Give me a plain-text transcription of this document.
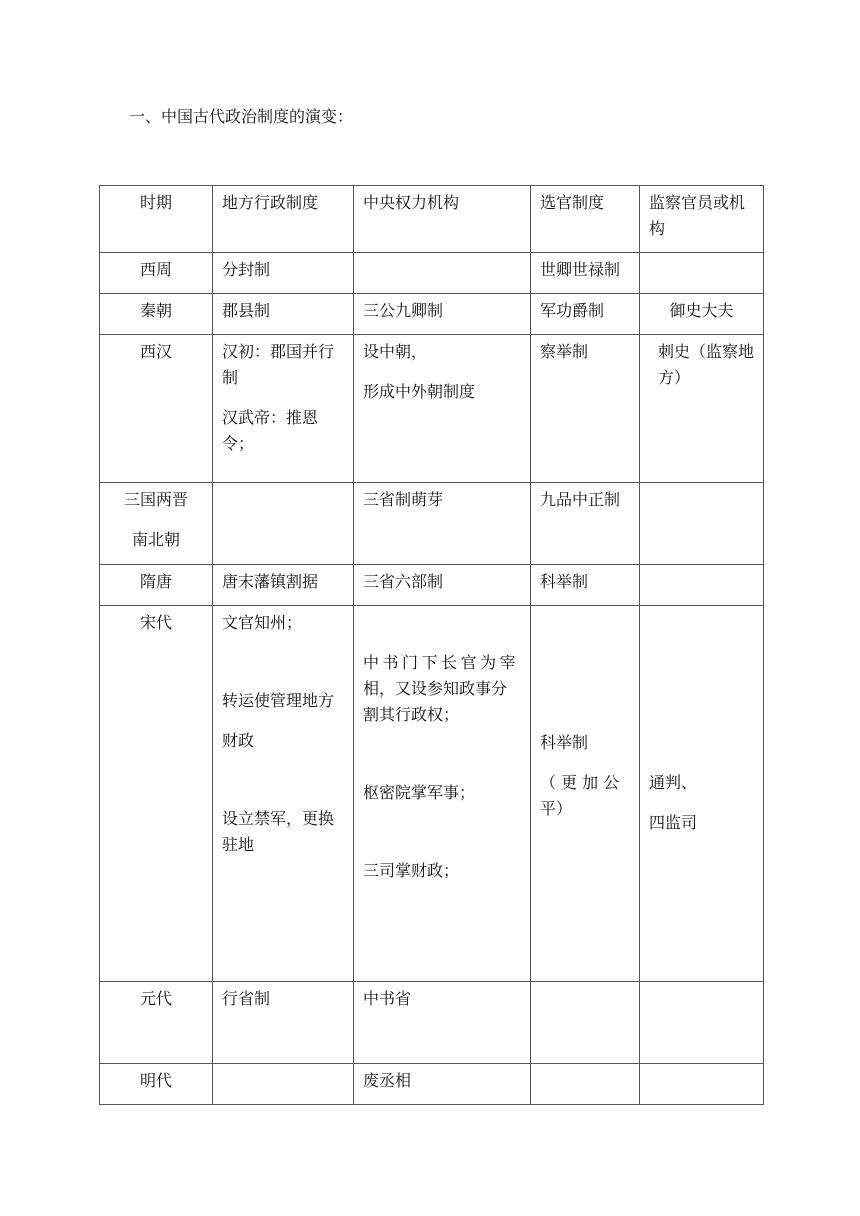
一、中国古代政治制度的演变：
时期	地方行政制度	中央权力机构	选官制度	监察官员或机
构

西周	分封制		世卿世禄制	
秦朝	郡县制	三公九卿制	军功爵制	御史大夫
西汉	汉初：郡国并行
制
汉武帝：推恩令；	设中朝，
形成中外朝制度	察举制	刺史（监察地
方）

三国两晋
南北朝		三省制萌芽	九品中正制	
隋唐	唐末藩镇割据	三省六部制	科举制	
宋代	文官知州；
转运使管理地方
财政
设立禁军，更换
驻地	中书门下长官为宰
相，又设参知政事分
割其行政权；
枢密院掌军事；
三司掌财政；	科举制
（ 更 加 公
平）	通判、
四监司

元代	行省制	中书省		
明代		废丞相		
